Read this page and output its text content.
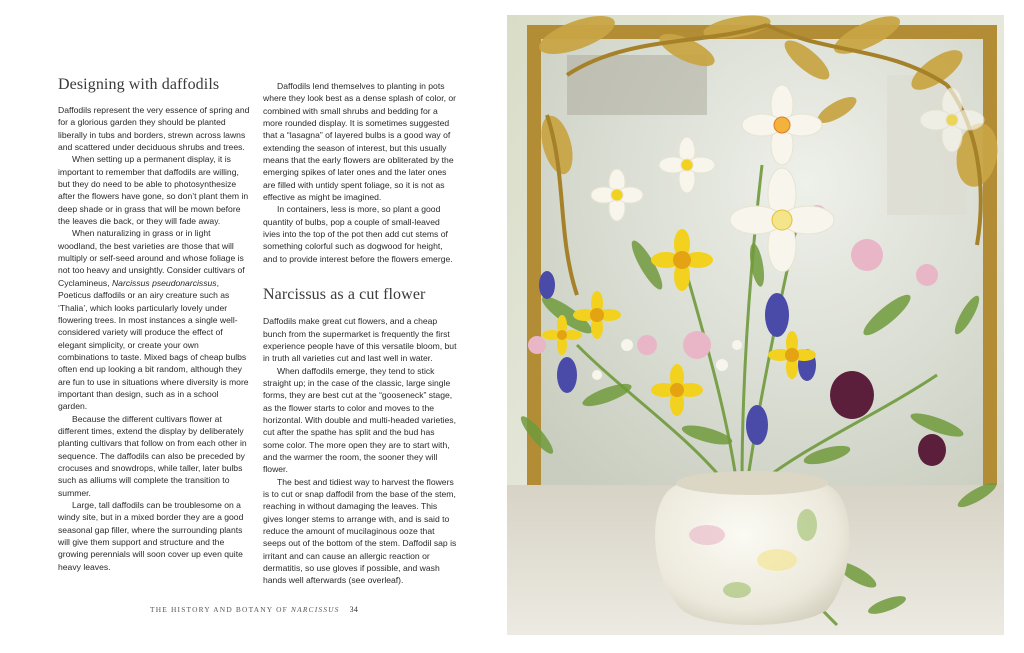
Designing with daffodils

Daffodils represent the very essence of spring and for a glorious garden they should be planted liberally in tubs and borders, strewn across lawns and scattered under deciduous shrubs and trees.

When setting up a permanent display, it is important to remember that daffodils are willing, but they do need to be able to photosynthesize after the flowers have gone, so don’t plant them in deep shade or in grass that will be mown before the leaves die back, or they will fade away.

When naturalizing in grass or in light woodland, the best varieties are those that will multiply or self-seed around and whose foliage is not too heavy and unsightly. Consider cultivars of Cyclamineus, Narcissus pseudonarcissus, Poeticus daffodils or an airy creature such as ‘Thalia’, which looks particularly lovely under flowering trees. In most instances a single well-considered variety will produce the effect of elegant simplicity, or create your own combinations to taste. Mixed bags of cheap bulbs often end up looking a bit random, although they are fun to use in situations where diversity is more important than design, such as in a school garden.

Because the different cultivars flower at different times, extend the display by deliberately planting cultivars that follow on from each other in sequence. The daffodils can also be preceded by crocuses and snowdrops, while taller, later bulbs such as alliums will complete the transition to summer.

Large, tall daffodils can be troublesome on a windy site, but in a mixed border they are a good seasonal gap filler, where the surrounding plants will give them support and structure and the growing perennials will soon cover up even quite heavy leaves.

Daffodils lend themselves to planting in pots where they look best as a dense splash of color, or combined with small shrubs and bedding for a more rounded display. It is sometimes suggested that a “lasagna” of layered bulbs is a good way of extending the season of interest, but this usually means that the early flowers are obliterated by the emerging spikes of later ones and the later ones are filled with untidy spent foliage, so it is not as effective as might be imagined.

In containers, less is more, so plant a good quantity of bulbs, pop a couple of small-leaved ivies into the top of the pot then add cut stems of something colorful such as dogwood for height, and to provide interest before the flowers emerge.

Narcissus as a cut flower

Daffodils make great cut flowers, and a cheap bunch from the supermarket is frequently the first experience people have of this versatile bloom, but in truth all varieties cut and last well in water.

When daffodils emerge, they tend to stick straight up; in the case of the classic, large single forms, they are best cut at the “gooseneck” stage, as the flower starts to color and moves to the horizontal. With double and multi-headed varieties, cut after the spathe has split and the bud has some color. The more open they are to start with, and the warmer the room, the sooner they will flower.

The best and tidiest way to harvest the flowers is to cut or snap daffodil from the base of the stem, reaching in without damaging the leaves. This gives longer stems to arrange with, and is said to reduce the amount of mucilaginous ooze that seeps out of the bottom of the stem. Daffodil sap is irritant and can cause an allergic reaction or dermatitis, so use gloves if possible, and wash hands well afterwards (see overleaf).

THE HISTORY AND BOTANY OF NARCISSUS 34
